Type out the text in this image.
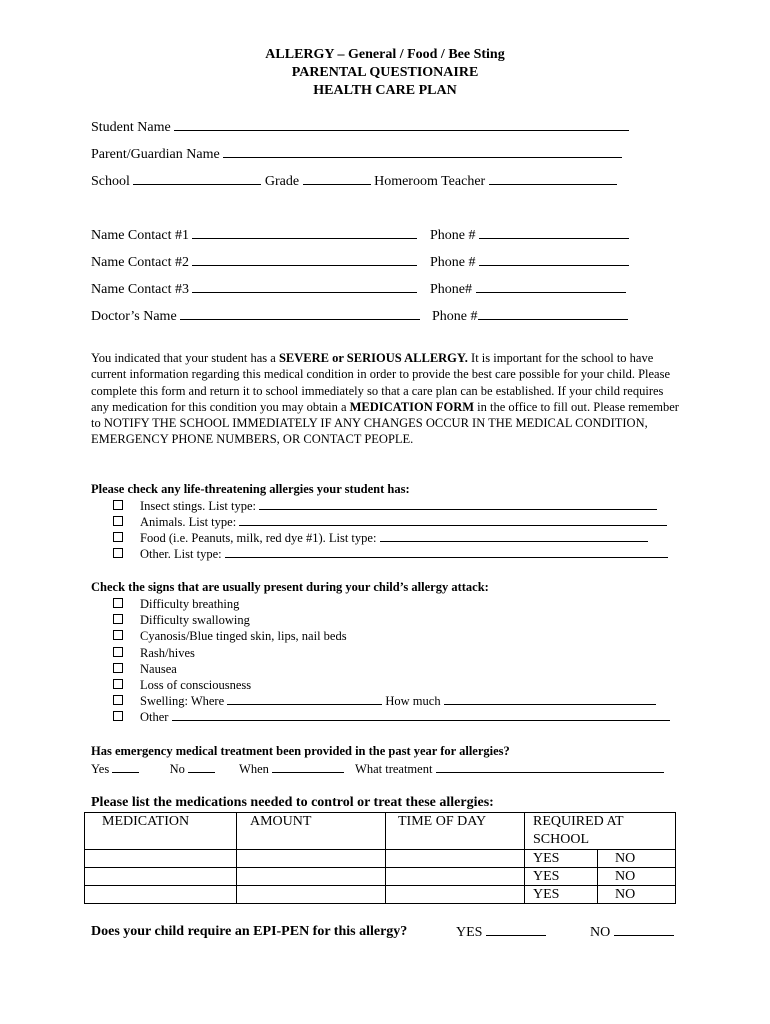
ALLERGY – General / Food / Bee Sting
PARENTAL QUESTIONAIRE
HEALTH CARE PLAN
Student Name
Parent/Guardian Name
School	Grade	Homeroom Teacher
Name Contact #1	Phone #
Name Contact #2	Phone #
Name Contact #3	Phone#
Doctor’s Name	Phone #
You indicated that your student has a SEVERE or SERIOUS ALLERGY. It is important for the school to have current information regarding this medical condition in order to provide the best care possible for your child. Please complete this form and return it to school immediately so that a care plan can be established. If your child requires any medication for this condition you may obtain a MEDICATION FORM in the office to fill out. Please remember to NOTIFY THE SCHOOL IMMEDIATELY IF ANY CHANGES OCCUR IN THE MEDICAL CONDITION, EMERGENCY PHONE NUMBERS, OR CONTACT PEOPLE.
Please check any life-threatening allergies your student has:
Insect stings. List type:
Animals. List type:
Food (i.e. Peanuts, milk, red dye #1). List type:
Other. List type:
Check the signs that are usually present during your child’s allergy attack:
Difficulty breathing
Difficulty swallowing
Cyanosis/Blue tinged skin, lips, nail beds
Rash/hives
Nausea
Loss of consciousness
Swelling: Where	How much
Other
Has emergency medical treatment been provided in the past year for allergies?
Yes	No	When	What treatment
Please list the medications needed to control or treat these allergies:
MEDICATION	AMOUNT	TIME OF DAY	REQUIRED AT SCHOOL	

			YES	NO
			YES	NO
			YES	NO
Does your child require an EPI-PEN for this allergy?	YES	NO
